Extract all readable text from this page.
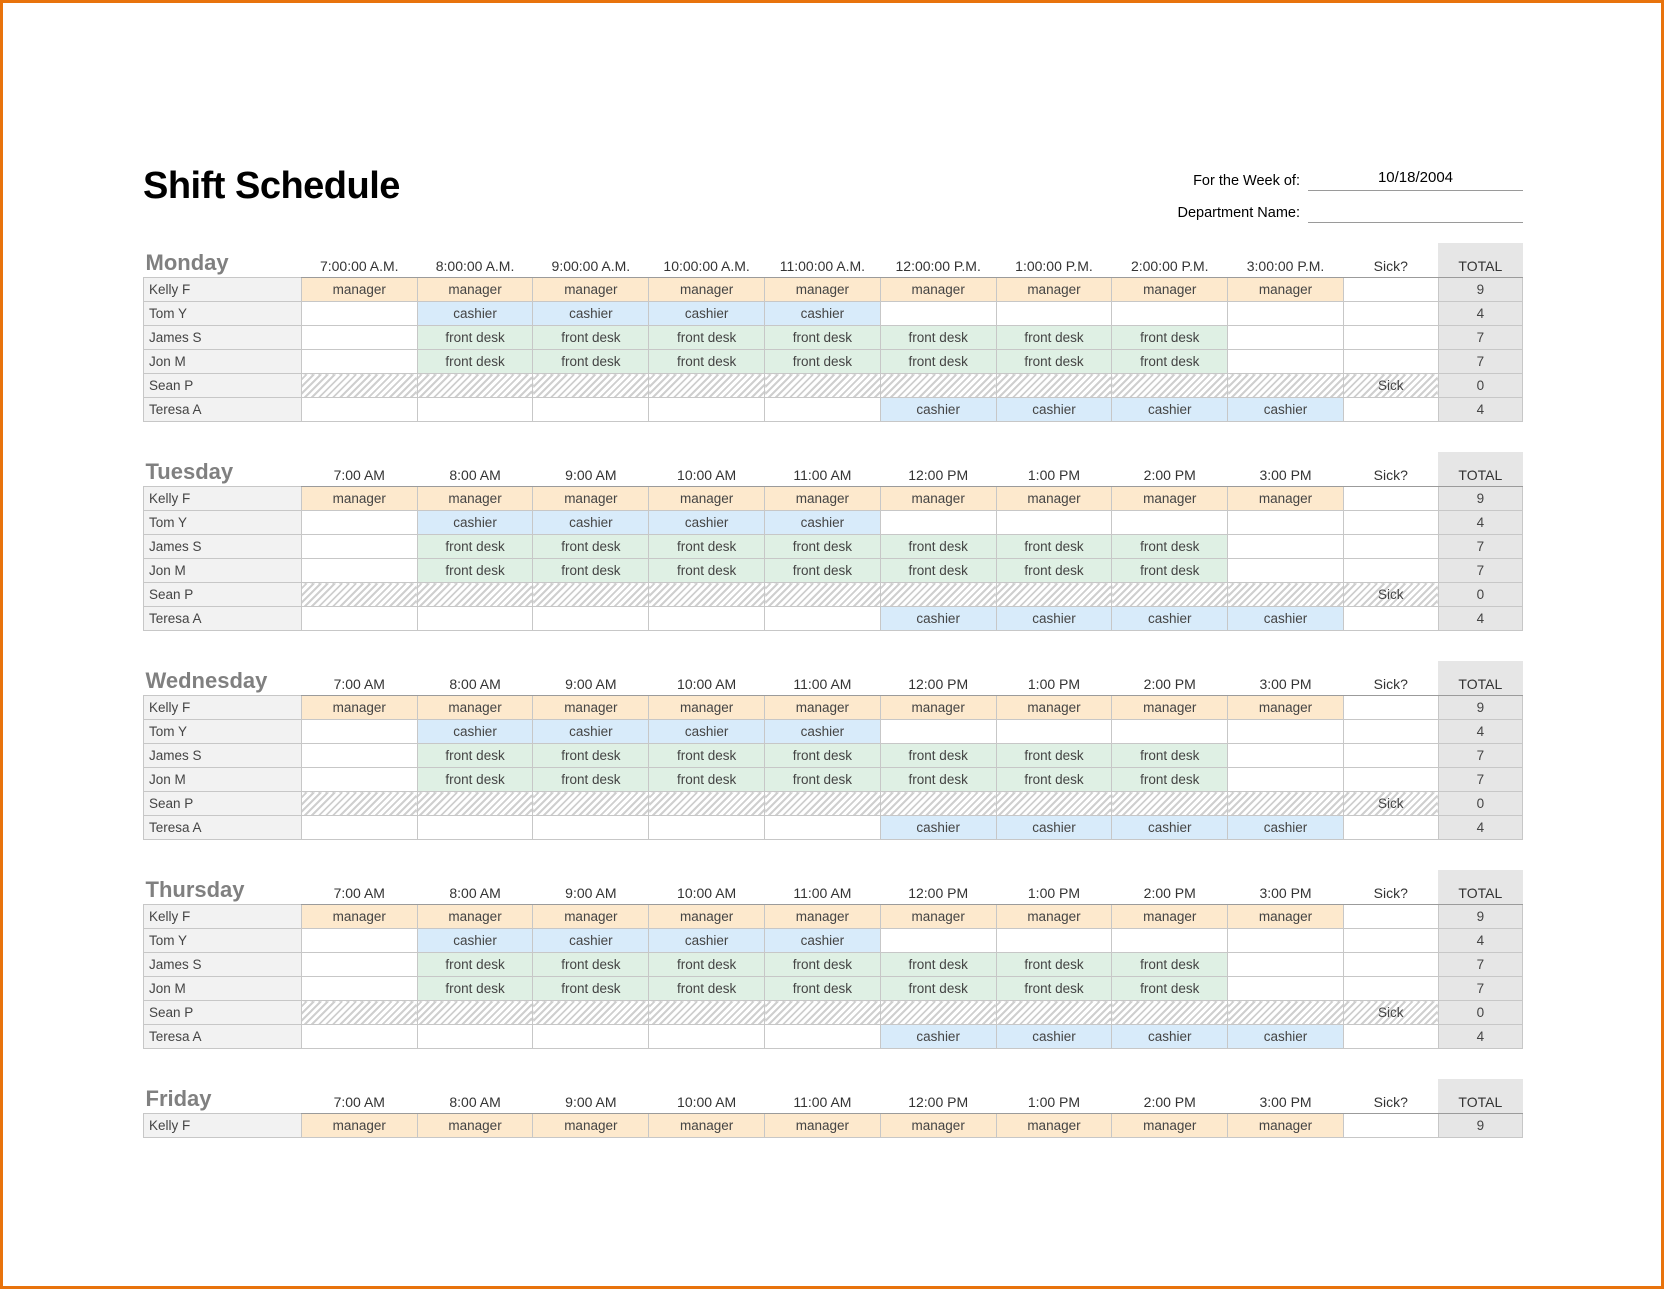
Shift Schedule	For the Week of:	10/18/2004
Department Name:
Monday	7:00:00 A.M.	8:00:00 A.M.	9:00:00 A.M.	10:00:00 A.M.	11:00:00 A.M.	12:00:00 P.M.	1:00:00 P.M.	2:00:00 P.M.	3:00:00 P.M.	Sick?	TOTAL
Kelly F	manager	manager	manager	manager	manager	manager	manager	manager	manager		9
Tom Y		cashier	cashier	cashier	cashier						4
James S		front desk	front desk	front desk	front desk	front desk	front desk	front desk			7
Jon M		front desk	front desk	front desk	front desk	front desk	front desk	front desk			7
Sean P										Sick	0
Teresa A						cashier	cashier	cashier	cashier		4
Tuesday	7:00 AM	8:00 AM	9:00 AM	10:00 AM	11:00 AM	12:00 PM	1:00 PM	2:00 PM	3:00 PM	Sick?	TOTAL
Kelly F	manager	manager	manager	manager	manager	manager	manager	manager	manager		9
Tom Y		cashier	cashier	cashier	cashier						4
James S		front desk	front desk	front desk	front desk	front desk	front desk	front desk			7
Jon M		front desk	front desk	front desk	front desk	front desk	front desk	front desk			7
Sean P										Sick	0
Teresa A						cashier	cashier	cashier	cashier		4
Wednesday	7:00 AM	8:00 AM	9:00 AM	10:00 AM	11:00 AM	12:00 PM	1:00 PM	2:00 PM	3:00 PM	Sick?	TOTAL
Kelly F	manager	manager	manager	manager	manager	manager	manager	manager	manager		9
Tom Y		cashier	cashier	cashier	cashier						4
James S		front desk	front desk	front desk	front desk	front desk	front desk	front desk			7
Jon M		front desk	front desk	front desk	front desk	front desk	front desk	front desk			7
Sean P										Sick	0
Teresa A						cashier	cashier	cashier	cashier		4
Thursday	7:00 AM	8:00 AM	9:00 AM	10:00 AM	11:00 AM	12:00 PM	1:00 PM	2:00 PM	3:00 PM	Sick?	TOTAL
Kelly F	manager	manager	manager	manager	manager	manager	manager	manager	manager		9
Tom Y		cashier	cashier	cashier	cashier						4
James S		front desk	front desk	front desk	front desk	front desk	front desk	front desk			7
Jon M		front desk	front desk	front desk	front desk	front desk	front desk	front desk			7
Sean P										Sick	0
Teresa A						cashier	cashier	cashier	cashier		4
Friday	7:00 AM	8:00 AM	9:00 AM	10:00 AM	11:00 AM	12:00 PM	1:00 PM	2:00 PM	3:00 PM	Sick?	TOTAL
Kelly F	manager	manager	manager	manager	manager	manager	manager	manager	manager		9
